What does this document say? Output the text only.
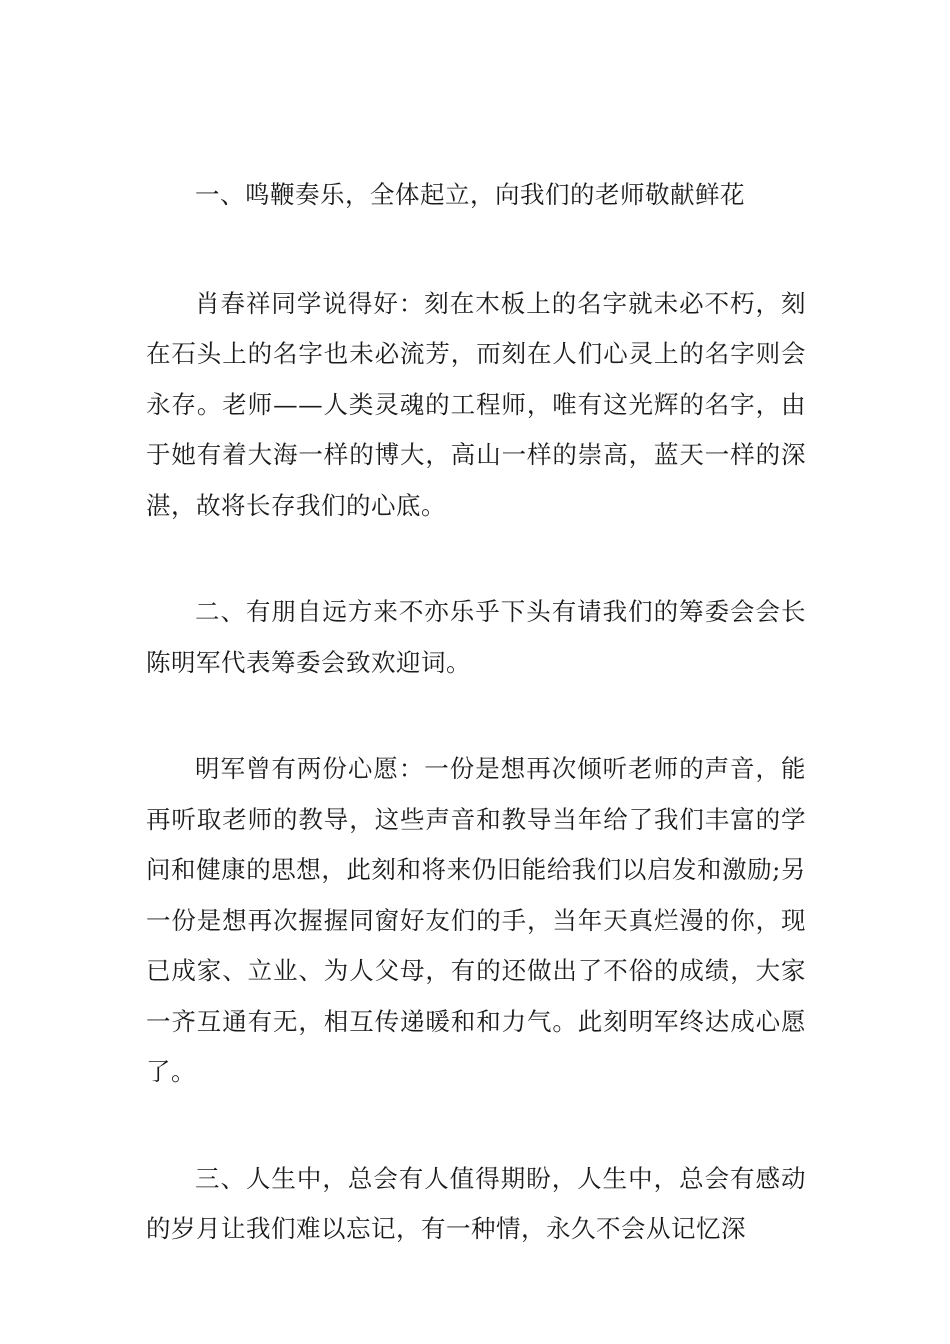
一、鸣鞭奏乐，全体起立，向我们的老师敬献鲜花

肖春祥同学说得好：刻在木板上的名字就未必不朽，刻在石头上的名字也未必流芳，而刻在人们心灵上的名字则会永存。老师——人类灵魂的工程师，唯有这光辉的名字，由于她有着大海一样的博大，高山一样的崇高，蓝天一样的深湛，故将长存我们的心底。

二、有朋自远方来不亦乐乎下头有请我们的筹委会会长陈明军代表筹委会致欢迎词。

明军曾有两份心愿：一份是想再次倾听老师的声音，能再听取老师的教导，这些声音和教导当年给了我们丰富的学问和健康的思想，此刻和将来仍旧能给我们以启发和激励;另一份是想再次握握同窗好友们的手，当年天真烂漫的你，现已成家、立业、为人父母，有的还做出了不俗的成绩，大家一齐互通有无，相互传递暖和和力气。此刻明军终达成心愿了。

三、人生中，总会有人值得期盼，人生中，总会有感动的岁月让我们难以忘记，有一种情，永久不会从记忆深
